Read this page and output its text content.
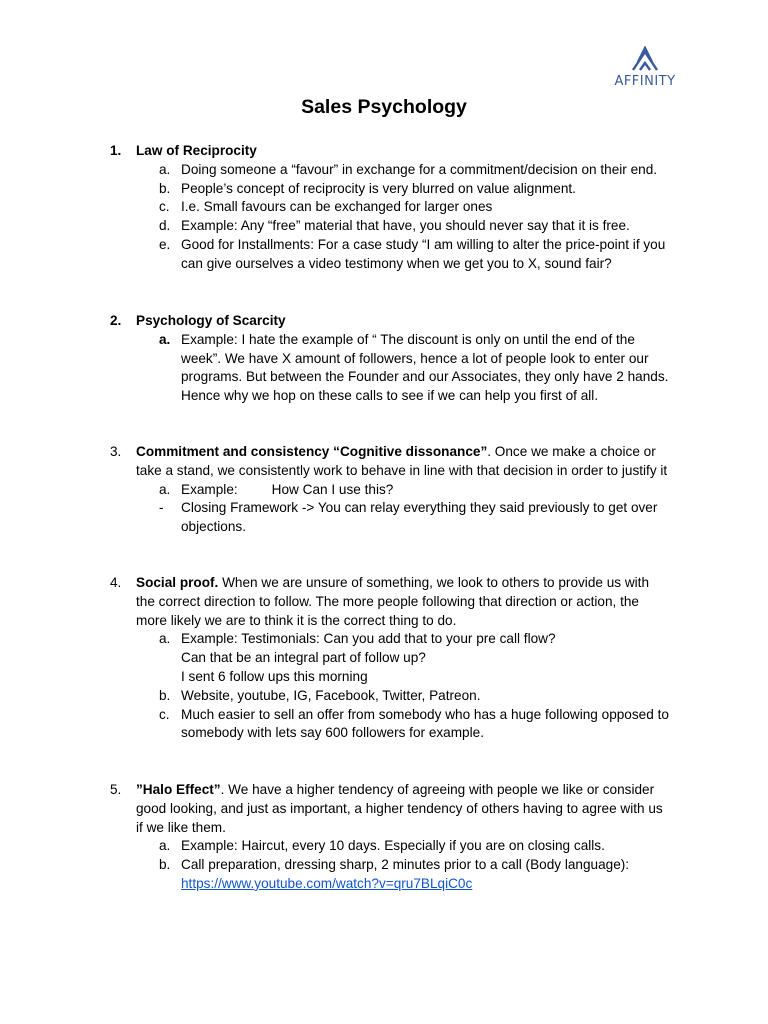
AFFINITY
Sales Psychology
1. Law of Reciprocity
a. Doing someone a “favour” in exchange for a commitment/decision on their end.
b. People’s concept of reciprocity is very blurred on value alignment.
c. I.e. Small favours can be exchanged for larger ones
d. Example: Any “free” material that have, you should never say that it is free.
e. Good for Installments: For a case study “I am willing to alter the price-point if you
can give ourselves a video testimony when we get you to X, sound fair?
2. Psychology of Scarcity
a. Example: I hate the example of “ The discount is only on until the end of the
week”. We have X amount of followers, hence a lot of people look to enter our
programs. But between the Founder and our Associates, they only have 2 hands.
Hence why we hop on these calls to see if we can help you first of all.
3. Commitment and consistency “Cognitive dissonance”. Once we make a choice or
take a stand, we consistently work to behave in line with that decision in order to justify it
a. Example:	How Can I use this?
- Closing Framework -> You can relay everything they said previously to get over
objections.
4. Social proof. When we are unsure of something, we look to others to provide us with
the correct direction to follow. The more people following that direction or action, the
more likely we are to think it is the correct thing to do.
a. Example: Testimonials: Can you add that to your pre call flow?
Can that be an integral part of follow up?
I sent 6 follow ups this morning
b. Website, youtube, IG, Facebook, Twitter, Patreon.
c. Much easier to sell an offer from somebody who has a huge following opposed to
somebody with lets say 600 followers for example.
5. ”Halo Effect”. We have a higher tendency of agreeing with people we like or consider
good looking, and just as important, a higher tendency of others having to agree with us
if we like them.
a. Example: Haircut, every 10 days. Especially if you are on closing calls.
b. Call preparation, dressing sharp, 2 minutes prior to a call (Body language):
https://www.youtube.com/watch?v=qru7BLqiC0c
